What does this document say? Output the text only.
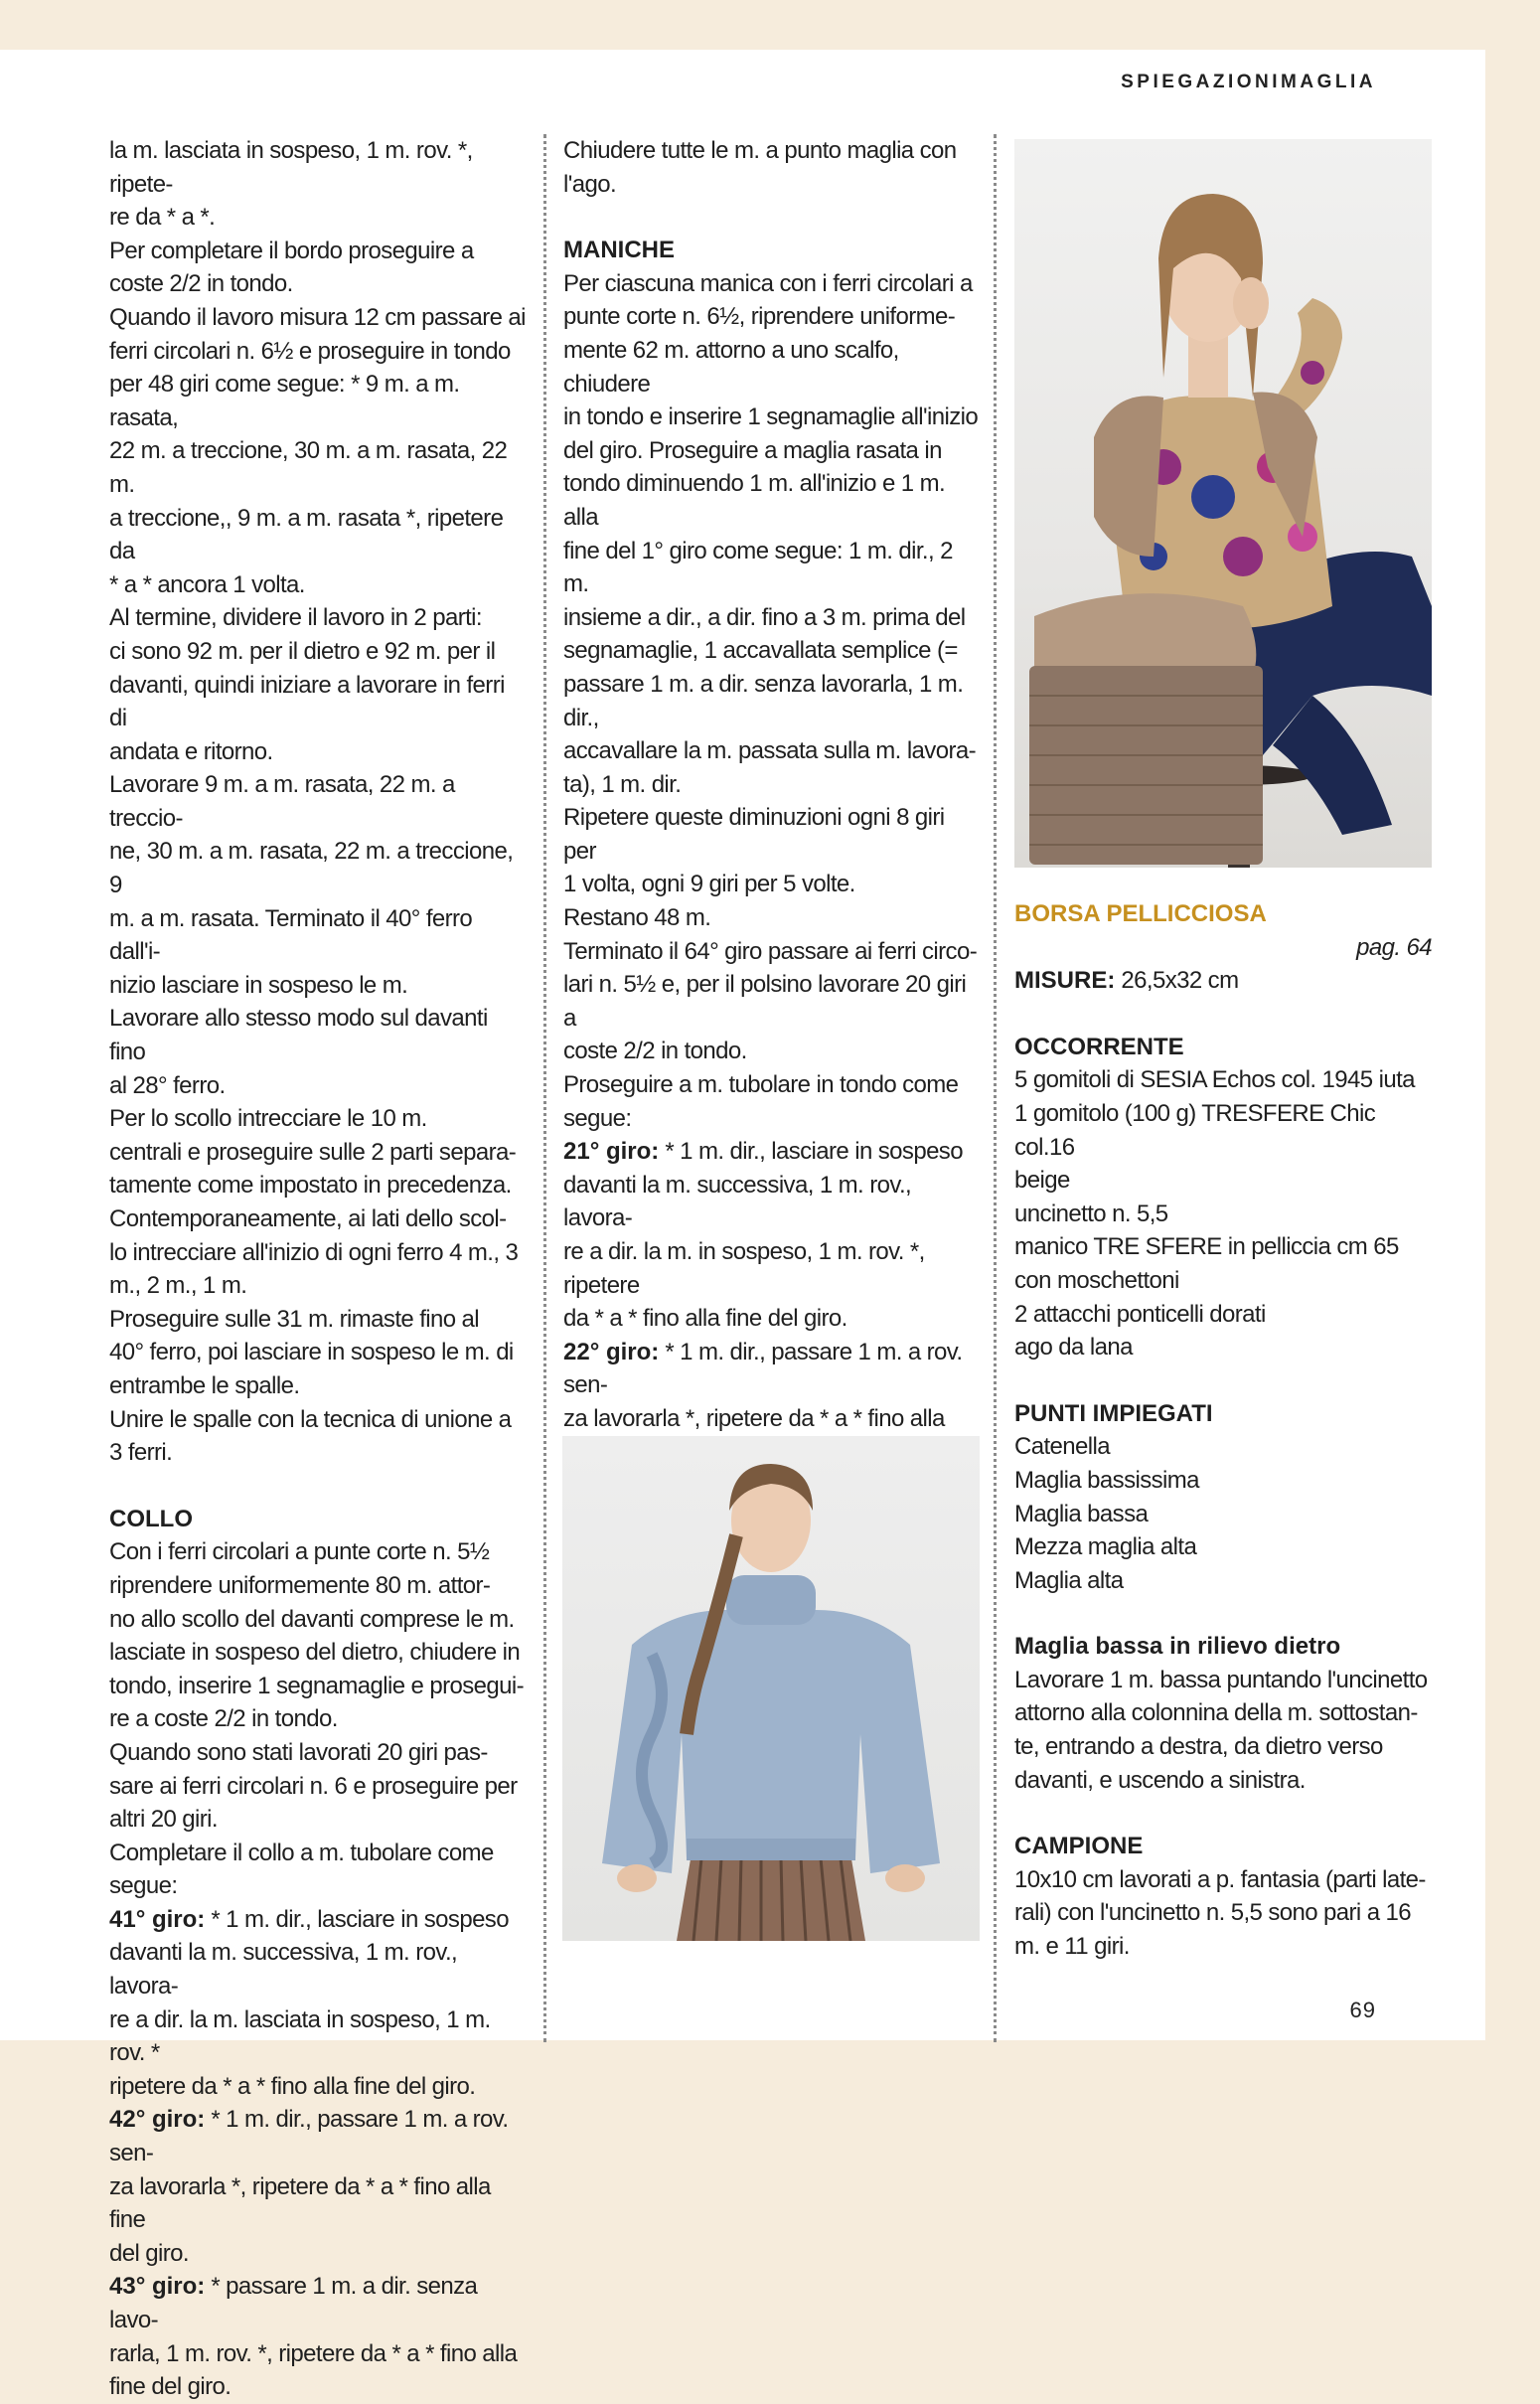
SPIEGAZIONIMAGLIA

la m. lasciata in sospeso, 1 m. rov. *, ripete-

re da * a *.

Per completare il bordo proseguire a

coste 2/2 in tondo.

Quando il lavoro misura 12 cm passare ai

ferri circolari n. 6½ e proseguire in tondo

per 48 giri come segue: * 9 m. a m. rasata,

22 m. a treccione, 30 m. a m. rasata, 22 m.

a treccione,, 9 m. a m. rasata *, ripetere da

* a * ancora 1 volta.

Al termine, dividere il lavoro in 2 parti:

ci sono 92 m. per il dietro e 92 m. per il

davanti, quindi iniziare a lavorare in ferri di

andata e ritorno.

Lavorare 9 m. a m. rasata, 22 m. a treccio-

ne, 30 m. a m. rasata, 22 m. a treccione, 9

m. a m. rasata. Terminato il 40° ferro dall'i-

nizio lasciare in sospeso le m.

Lavorare allo stesso modo sul davanti fino

al 28° ferro.

Per lo scollo intrecciare le 10 m.

centrali e proseguire sulle 2 parti separa-

tamente come impostato in precedenza.

Contemporaneamente, ai lati dello scol-

lo intrecciare all'inizio di ogni ferro 4 m., 3

m., 2 m., 1 m.

Proseguire sulle 31 m. rimaste fino al

40° ferro, poi lasciare in sospeso le m. di

entrambe le spalle.

Unire le spalle con la tecnica di unione a

3 ferri.

COLLO

Con i ferri circolari a punte corte n. 5½

riprendere uniformemente 80 m. attor-

no allo scollo del davanti comprese le m.

lasciate in sospeso del dietro, chiudere in

tondo, inserire 1 segnamaglie e prosegui-

re a coste 2/2 in tondo.

Quando sono stati lavorati 20 giri pas-

sare ai ferri circolari n. 6 e proseguire per

altri 20 giri.

Completare il collo a m. tubolare come

segue:

41° giro: * 1 m. dir., lasciare in sospeso

davanti la m. successiva, 1 m. rov., lavora-

re a dir. la m. lasciata in sospeso, 1 m. rov. *

ripetere da * a * fino alla fine del giro.

42° giro: * 1 m. dir., passare 1 m. a rov. sen-

za lavorarla *, ripetere da * a * fino alla fine

del giro.

43° giro: * passare 1 m. a dir. senza lavo-

rarla, 1 m. rov. *, ripetere da * a * fino alla

fine del giro.

Chiudere tutte le m. a punto maglia con

l'ago.

MANICHE

Per ciascuna manica con i ferri circolari a

punte corte n. 6½, riprendere uniforme-

mente 62 m. attorno a uno scalfo, chiudere

in tondo e inserire 1 segnamaglie all'inizio

del giro. Proseguire a maglia rasata in

tondo diminuendo 1 m. all'inizio e 1 m. alla

fine del 1° giro come segue: 1 m. dir., 2 m.

insieme a dir., a dir. fino a 3 m. prima del

segnamaglie, 1 accavallata semplice (=

passare 1 m. a dir. senza lavorarla, 1 m. dir.,

accavallare la m. passata sulla m. lavora-

ta), 1 m. dir.

Ripetere queste diminuzioni ogni 8 giri per

1 volta, ogni 9 giri per 5 volte.

Restano 48 m.

Terminato il 64° giro passare ai ferri circo-

lari n. 5½ e, per il polsino lavorare 20 giri a

coste 2/2 in tondo.

Proseguire a m. tubolare in tondo come

segue:

21° giro: * 1 m. dir., lasciare in sospeso

davanti la m. successiva, 1 m. rov., lavora-

re a dir. la m. in sospeso, 1 m. rov. *, ripetere

da * a * fino alla fine del giro.

22° giro: * 1 m. dir., passare 1 m. a rov. sen-

za lavorarla *, ripetere da * a * fino alla

BORSA PELLICCIOSA

pag. 64

MISURE: 26,5x32 cm

OCCORRENTE

5 gomitoli di SESIA Echos col. 1945 iuta

1 gomitolo (100 g) TRESFERE Chic col.16

beige

uncinetto n. 5,5

manico TRE SFERE in pelliccia cm 65

con moschettoni

2 attacchi ponticelli dorati

ago da lana

PUNTI IMPIEGATI

Catenella

Maglia bassissima

Maglia bassa

Mezza maglia alta

Maglia alta

Maglia bassa in rilievo dietro

Lavorare 1 m. bassa puntando l'uncinetto

attorno alla colonnina della m. sottostan-

te, entrando a destra, da dietro verso

davanti, e uscendo a sinistra.

CAMPIONE

10x10 cm lavorati a p. fantasia (parti late-

rali) con l'uncinetto n. 5,5 sono pari a 16

m. e 11 giri.

69
